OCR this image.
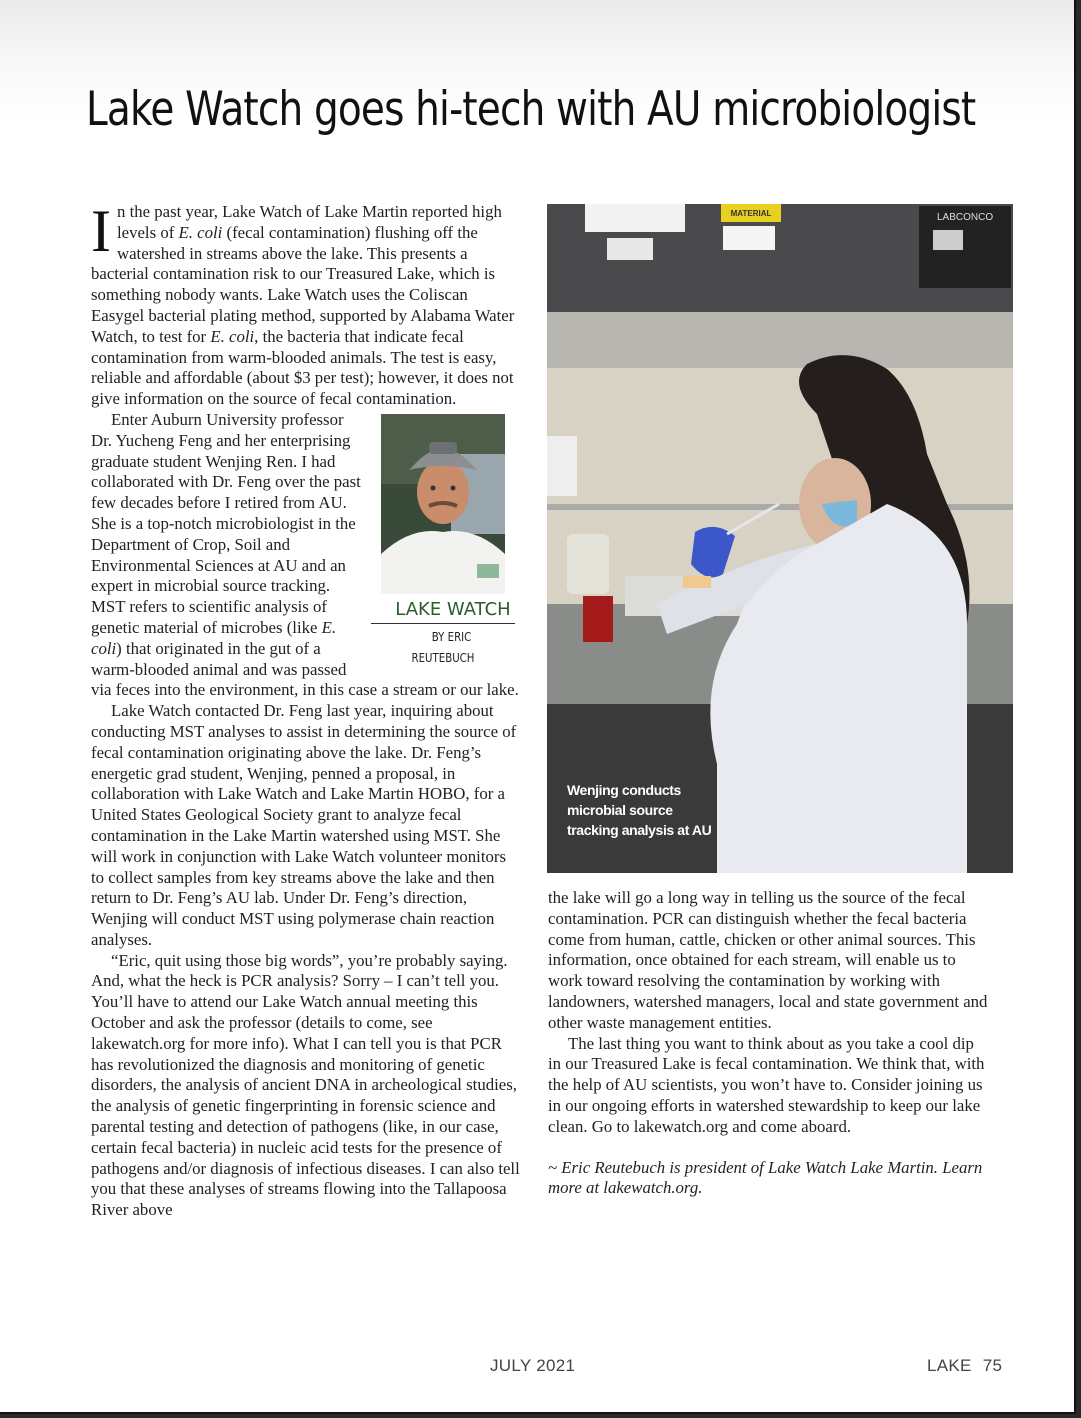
Lake Watch goes hi-tech with AU microbiologist

In the past year, Lake Watch of Lake Martin reported high levels of E. coli (fecal contamination) flushing off the watershed in streams above the lake. This presents a bacterial contamination risk to our Treasured Lake, which is something nobody wants. Lake Watch uses the Coliscan Easygel bacterial plating method, supported by Alabama Water Watch, to test for E. coli, the bacteria that indicate fecal contamination from warm-blooded animals. The test is easy, reliable and affordable (about $3 per test); however, it does not give information on the source of fecal contamination.

LAKE WATCH
BY ERIC REUTEBUCH
Enter Auburn University professor Dr. Yucheng Feng and her enterprising graduate student Wenjing Ren. I had collaborated with Dr. Feng over the past few decades before I retired from AU. She is a top-notch microbiologist in the Department of Crop, Soil and Environmental Sciences at AU and an expert in microbial source tracking. MST refers to scientific analysis of genetic material of microbes (like E. coli) that originated in the gut of a warm-blooded animal and was passed via feces into the environment, in this case a stream or our lake.

Lake Watch contacted Dr. Feng last year, inquiring about conducting MST analyses to assist in determining the source of fecal contamination originating above the lake. Dr. Feng’s energetic grad student, Wenjing, penned a proposal, in collaboration with Lake Watch and Lake Martin HOBO, for a United States Geological Society grant to analyze fecal contamination in the Lake Martin watershed using MST. She will work in conjunction with Lake Watch volunteer monitors to collect samples from key streams above the lake and then return to Dr. Feng’s AU lab. Under Dr. Feng’s direction, Wenjing will conduct MST using polymerase chain reaction analyses.

“Eric, quit using those big words”, you’re probably saying. And, what the heck is PCR analysis? Sorry – I can’t tell you. You’ll have to attend our Lake Watch annual meeting this October and ask the professor (details to come, see lakewatch.org for more info). What I can tell you is that PCR has revolutionized the diagnosis and monitoring of genetic disorders, the analysis of ancient DNA in archeological studies, the analysis of genetic fingerprinting in forensic science and parental testing and detection of pathogens (like, in our case, certain fecal bacteria) in nucleic acid tests for the presence of pathogens and/or diagnosis of infectious diseases. I can also tell you that these analyses of streams flowing into the Tallapoosa River above

MATERIAL	LABCONCO
Wenjing conducts microbial source tracking analysis at AU

the lake will go a long way in telling us the source of the fecal contamination. PCR can distinguish whether the fecal bacteria come from human, cattle, chicken or other animal sources. This information, once obtained for each stream, will enable us to work toward resolving the contamination by working with landowners, watershed managers, local and state government and other waste management entities.

The last thing you want to think about as you take a cool dip in our Treasured Lake is fecal contamination. We think that, with the help of AU scientists, you won’t have to. Consider joining us in our ongoing efforts in watershed stewardship to keep our lake clean. Go to lakewatch.org and come aboard.

~ Eric Reutebuch is president of Lake Watch Lake Martin. Learn more at lakewatch.org.

JULY 2021	LAKE 75
